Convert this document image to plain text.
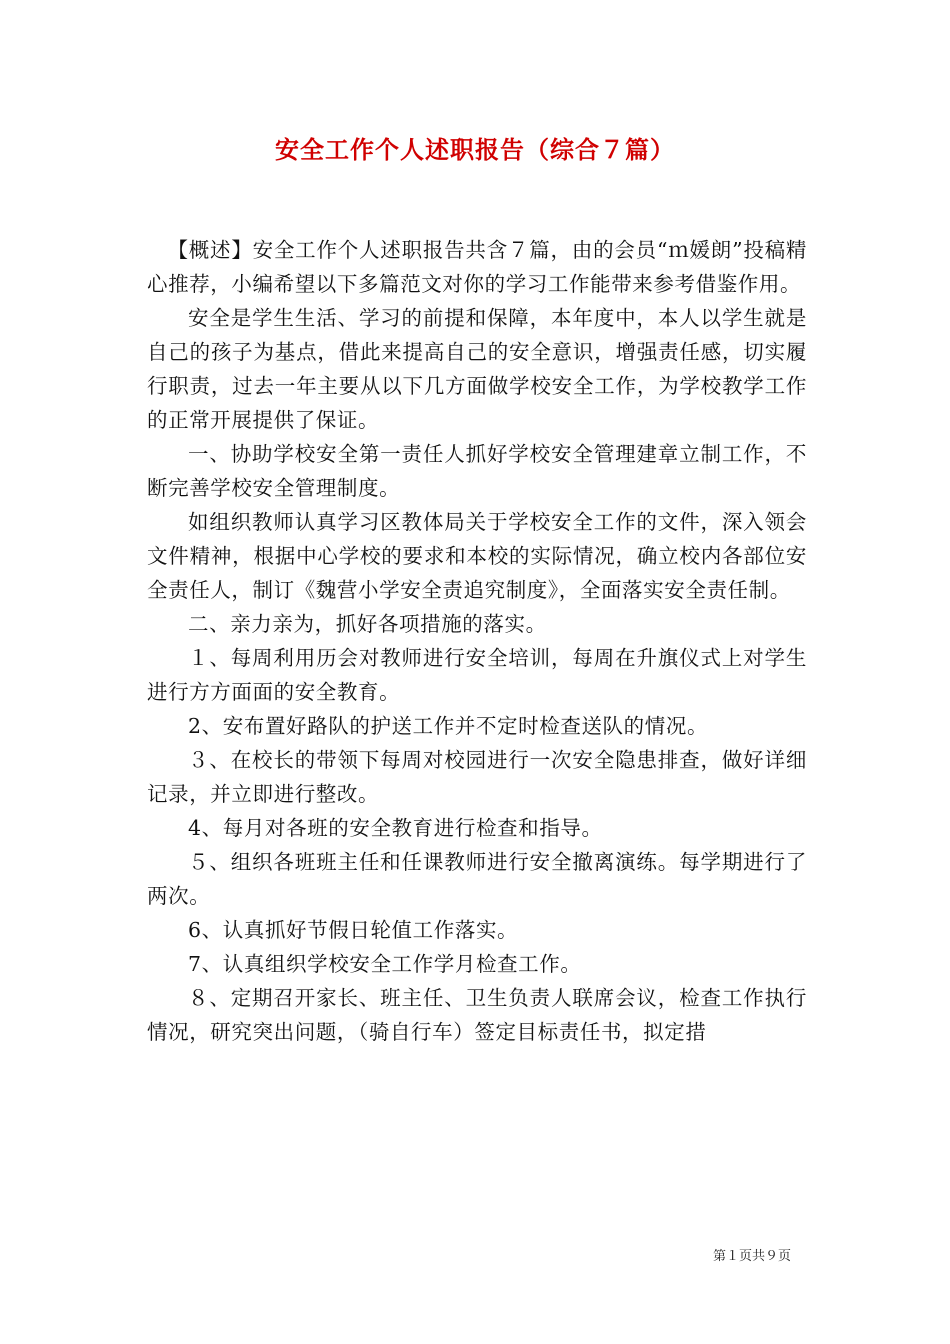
安全工作个人述职报告（综合７篇）

【概述】安全工作个人述职报告共含７篇，由的会员“ｍ媛朗”投稿精心推荐，小编希望以下多篇范文对你的学习工作能带来参考借鉴作用。

安全是学生生活、学习的前提和保障，本年度中，本人以学生就是自己的孩子为基点，借此来提高自己的安全意识，增强责任感，切实履行职责，过去一年主要从以下几方面做学校安全工作，为学校教学工作的正常开展提供了保证。

一、协助学校安全第一责任人抓好学校安全管理建章立制工作，不断完善学校安全管理制度。

如组织教师认真学习区教体局关于学校安全工作的文件，深入领会文件精神，根据中心学校的要求和本校的实际情况，确立校内各部位安全责任人，制订《魏营小学安全责追究制度》，全面落实安全责任制。

二、亲力亲为，抓好各项措施的落实。

１、每周利用历会对教师进行安全培训，每周在升旗仪式上对学生进行方方面面的安全教育。

2、安布置好路队的护送工作并不定时检查送队的情况。

３、在校长的带领下每周对校园进行一次安全隐患排查，做好详细记录，并立即进行整改。

4、每月对各班的安全教育进行检查和指导。

５、组织各班班主任和任课教师进行安全撤离演练。每学期进行了两次。

6、认真抓好节假日轮值工作落实。

7、认真组织学校安全工作学月检查工作。

８、定期召开家长、班主任、卫生负责人联席会议，检查工作执行情况，研究突出问题，（骑自行车）签定目标责任书，拟定措

第１页共９页
